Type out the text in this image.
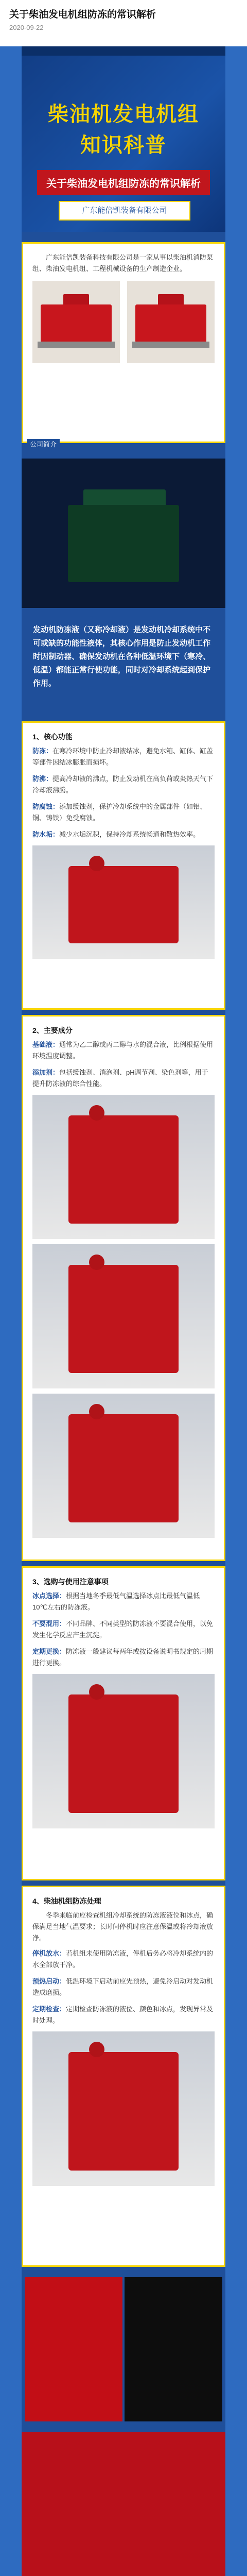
关于柴油发电机组防冻的常识解析
2020-09-22
柴油机发电机组
知识科普
关于柴油发电机组防冻的常识解析
广东能倍凯装备有限公司
广东能倍凯装备科技有限公司是一家从事以柴油机消防泵组、柴油发电机组、工程机械设备的生产制造企业。
公司简介
发动机防冻液（又称冷却液）是发动机冷却系统中不可或缺的功能性液体，其核心作用是防止发动机工作时因制动器、确保发动机在各种低温环境下（寒冷、低温）都能正常行使功能，同时对冷却系统起到保护作用。
1、核心功能
防冻：在寒冷环境中防止冷却液结冰，避免水箱、缸体、缸盖等部件因结冰膨胀而损坏。
防沸：提高冷却液的沸点，防止发动机在高负荷或炎热天气下冷却液沸腾。
防腐蚀：添加缓蚀剂，保护冷却系统中的金属部件（如铝、铜、铸铁）免受腐蚀。
防水垢：减少水垢沉积，保持冷却系统畅通和散热效率。
2、主要成分
基础液：通常为乙二醇或丙二醇与水的混合液，比例根据使用环境温度调整。
添加剂：包括缓蚀剂、消泡剂、pH调节剂、染色剂等，用于提升防冻液的综合性能。
3、选购与使用注意事项
冰点选择：根据当地冬季最低气温选择冰点比最低气温低10℃左右的防冻液。
不要混用：不同品牌、不同类型的防冻液不要混合使用，以免发生化学反应产生沉淀。
定期更换：防冻液一般建议每两年或按设备说明书规定的周期进行更换。
4、柴油机组防冻处理
冬季来临前应检查机组冷却系统的防冻液液位和冰点，确保满足当地气温要求；长时间停机时应注意保温或将冷却液放净。
停机放水：若机组未使用防冻液，停机后务必将冷却系统内的水全部放干净。
预热启动：低温环境下启动前应先预热，避免冷启动对发动机造成磨损。
定期检查：定期检查防冻液的液位、颜色和冰点，发现异常及时处理。
